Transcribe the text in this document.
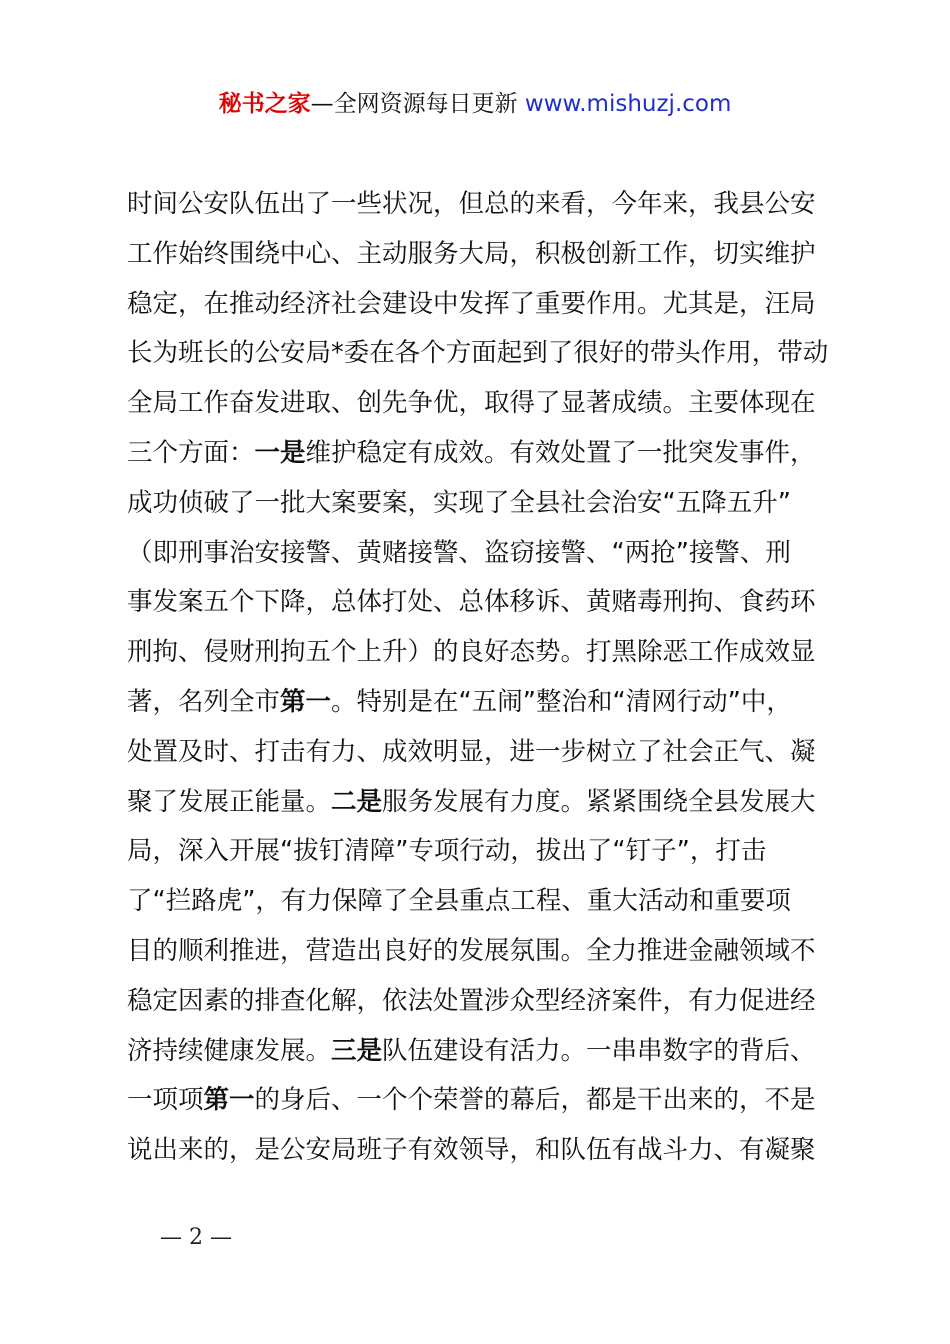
秘书之家—全网资源每日更新 www.mishuzj.com
时间公安队伍出了一些状况，但总的来看，今年来，我县公安
工作始终围绕中心、主动服务大局，积极创新工作，切实维护
稳定，在推动经济社会建设中发挥了重要作用。尤其是，汪局
长为班长的公安局*委在各个方面起到了很好的带头作用，带动
全局工作奋发进取、创先争优，取得了显著成绩。主要体现在
三个方面：一是维护稳定有成效。有效处置了一批突发事件，
成功侦破了一批大案要案，实现了全县社会治安“五降五升”
（即刑事治安接警、黄赌接警、盗窃接警、“两抢”接警、刑
事发案五个下降，总体打处、总体移诉、黄赌毒刑拘、食药环
刑拘、侵财刑拘五个上升）的良好态势。打黑除恶工作成效显
著，名列全市第一。特别是在“五闹”整治和“清网行动”中，
处置及时、打击有力、成效明显，进一步树立了社会正气、凝
聚了发展正能量。二是服务发展有力度。紧紧围绕全县发展大
局，深入开展“拔钉清障”专项行动，拔出了“钉子”，打击
了“拦路虎”，有力保障了全县重点工程、重大活动和重要项
目的顺利推进，营造出良好的发展氛围。全力推进金融领域不
稳定因素的排查化解，依法处置涉众型经济案件，有力促进经
济持续健康发展。三是队伍建设有活力。一串串数字的背后、
一项项第一的身后、一个个荣誉的幕后，都是干出来的，不是
说出来的，是公安局班子有效领导，和队伍有战斗力、有凝聚
— 2 —
